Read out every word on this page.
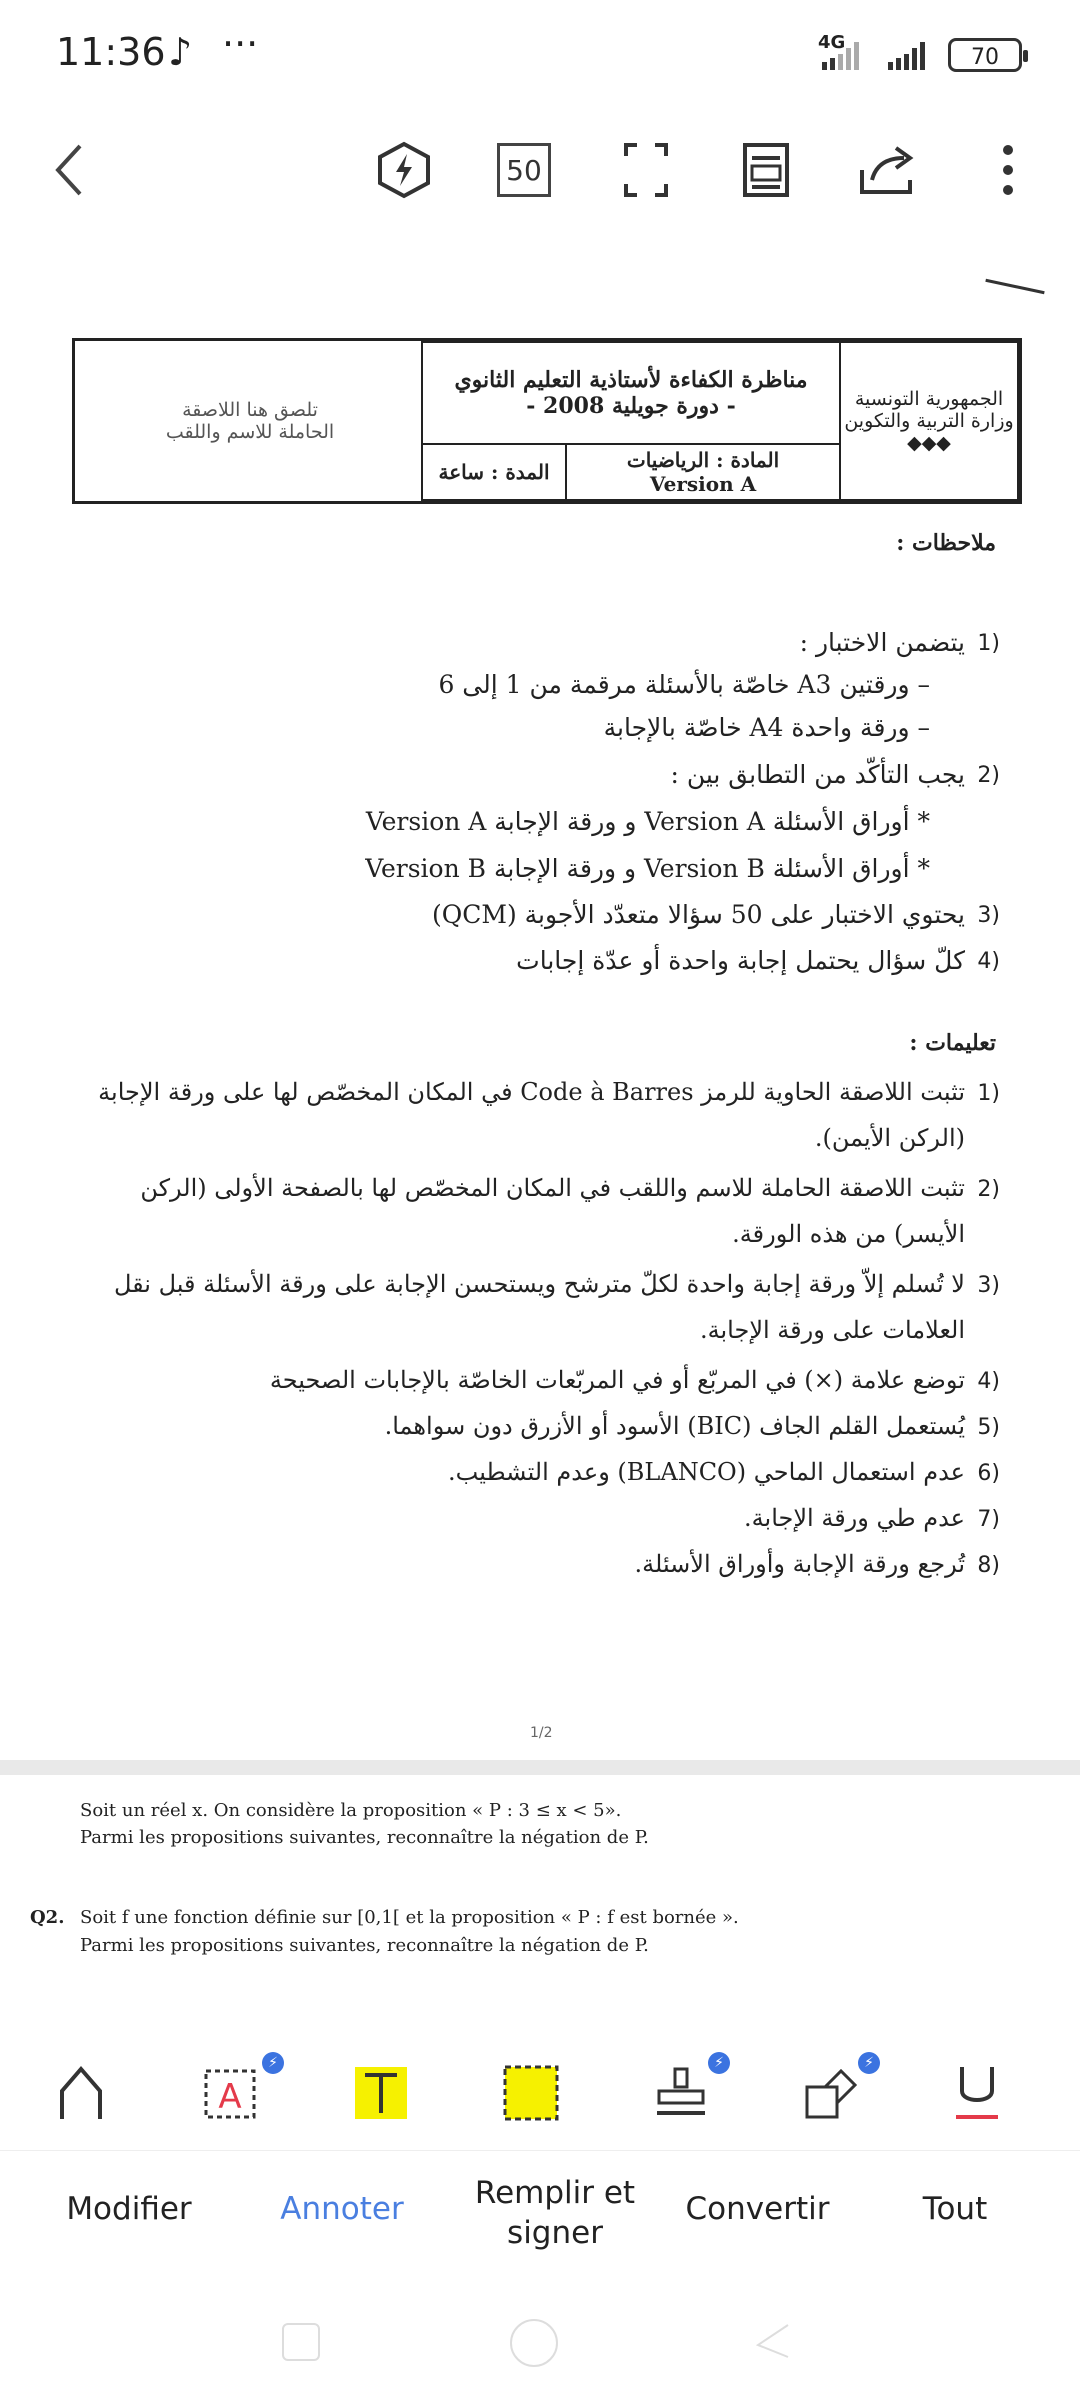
11:36 ♪ ···	4G
70
50
الجمهورية التونسية
وزارة التربية والتكوين
◆◆◆
مناظرة الكفاءة لأستاذية التعليم الثانوي
- دورة جويلية 2008 -
المادة : الرياضيات
Version A
المدة : ساعة
تلصق هنا اللاصقة
الحاملة للاسم واللقب
ملاحظات :
يتضمن الاختبار : 1)
– ورقتين A3 خاصّة بالأسئلة مرقمة من 1 إلى 6
– ورقة واحدة A4 خاصّة بالإجابة
يجب التأكّد من التطابق بين : 2)
* أوراق الأسئلة Version A و ورقة الإجابة Version A
* أوراق الأسئلة Version B و ورقة الإجابة Version B
يحتوي الاختبار على 50 سؤالا متعدّد الأجوبة (QCM) 3)
كلّ سؤال يحتمل إجابة واحدة أو عدّة إجابات 4)
تعليمات :
تثبت اللاصقة الحاوية للرمز Code à Barres في المكان المخصّص لها على ورقة الإجابة
(الركن الأيمن).
1)
تثبت اللاصقة الحاملة للاسم واللقب في المكان المخصّص لها بالصفحة الأولى (الركن
الأيسر) من هذه الورقة.
2)
لا تُسلم إلاّ ورقة إجابة واحدة لكلّ مترشح ويستحسن الإجابة على ورقة الأسئلة قبل نقل
العلامات على ورقة الإجابة.
3)
توضع علامة (×) في المربّع أو في المربّعات الخاصّة بالإجابات الصحيحة 4)
يُستعمل القلم الجاف (BIC) الأسود أو الأزرق دون سواهما. 5)
عدم استعمال الماحي (BLANCO) وعدم التشطيب. 6)
عدم طي ورقة الإجابة. 7)
تُرجع ورقة الإجابة وأوراق الأسئلة. 8)
1/2
Soit un réel x. On considère la proposition « P : 3 ≤ x < 5».
Parmi les propositions suivantes, reconnaître la négation de P.
Q2. Soit f une fonction définie sur [0,1[ et la proposition « P : f est bornée ».
Parmi les propositions suivantes, reconnaître la négation de P.
A
⚡	⚡	⚡
Modifier	Annoter	Remplir et signer
Convertir	Tout
